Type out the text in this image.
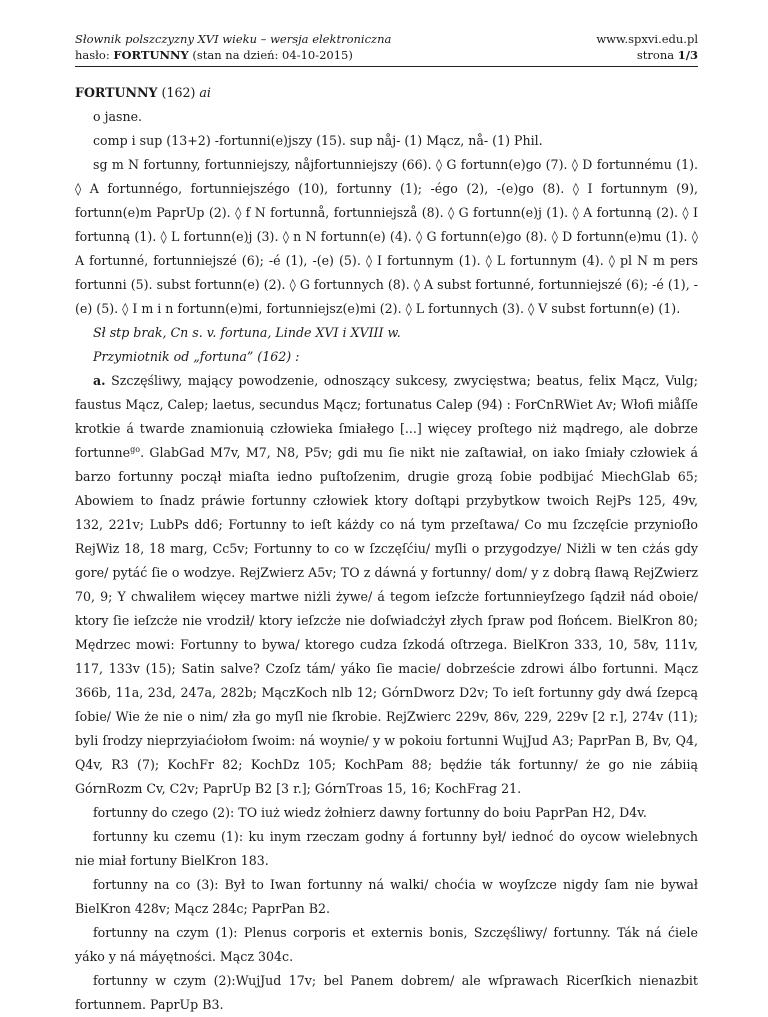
Słownik polszczyzny XVI wieku – wersja elektroniczna
hasło: FORTUNNY (stan na dzień: 04-10-2015)
www.spxvi.edu.pl
strona 1/3

FORTUNNY (162) ai

o jasne.

comp i sup (13+2) -fortunni(e)jszy (15). sup nåj- (1) Mącz, nå- (1) Phil.

sg m N fortunny, fortunniejszy, nåjfortunniejszy (66). ◊ G fortunn(e)go (7). ◊ D fortunnému (1). ◊ A fortunnégo, fortunniejszégo (10), fortunny (1); -égo (2), -(e)go (8). ◊ I fortunnym (9), fortunn(e)m PaprUp (2). ◊ f N fortunnå, fortunniejszå (8). ◊ G fortunn(e)j (1). ◊ A fortunną (2). ◊ I fortunną (1). ◊ L fortunn(e)j (3). ◊ n N fortunn(e) (4). ◊ G fortunn(e)go (8). ◊ D fortunn(e)mu (1). ◊ A fortunné, fortunniejszé (6); -é (1), -(e) (5). ◊ I fortunnym (1). ◊ L fortunnym (4). ◊ pl N m pers fortunni (5). subst fortunn(e) (2). ◊ G fortunnych (8). ◊ A subst fortunné, fortunniejszé (6); -é (1), -(e) (5). ◊ I m i n fortunn(e)mi, fortunniejsz(e)mi (2). ◊ L fortunnych (3). ◊ V subst fortunn(e) (1).

Sł stp brak, Cn s. v. fortuna, Linde XVI i XVIII w.

Przymiotnik od „fortuna” (162) :

a. Szczęśliwy, mający powodzenie, odnoszący sukcesy, zwycięstwa; beatus, felix Mącz, Vulg; faustus Mącz, Calep; laetus, secundus Mącz; fortunatus Calep (94) : ForCnRWiet Av; Włofi miåſſe krotkie á twarde znamionuią człowieka ſmiałego [...] więcey proſtego niż mądrego, ale dobrze fortunne$^{go}$. GlabGad M7v, M7, N8, P5v; gdi mu ſie nikt nie zaſtawiał, on iako ſmiały człowiek á barzo fortunny począł miaſta iedno puſtoſzenim, drugie grozą ſobie podbijać MiechGlab 65; Abowiem to ſnadz práwie fortunny człowiek ktory doſtąpi przybytkow twoich RejPs 125, 49v, 132, 221v; LubPs dd6; Fortunny to ieſt káżdy co ná tym przeſtawa/ Co mu ſzczęſcie przynioſło RejWiz 18, 18 marg, Cc5v; Fortunny to co w ſzczęſćiu/ myſli o przygodzye/ Niżli w ten cżás gdy gore/ pytáć ſie o wodzye. RejZwierz A5v; TO z dáwná y fortunny/ dom/ y z dobrą ſławą RejZwierz 70, 9; Y chwaliłem więcey martwe niżli żywe/ á tegom ieſzcże fortunnieyſzego ſądził nád oboie/ ktory ſie ieſzcże nie vrodził/ ktory ieſzcże nie doſwiadcżył złych ſpraw pod ſłońcem. BielKron 80; Mędrzec mowi: Fortunny to bywa/ ktorego cudza ſzkodá oſtrzega. BielKron 333, 10, 58v, 111v, 117, 133v (15); Satin salve? Czoſz tám/ yáko ſie macie/ dobrzeście zdrowi álbo fortunni. Mącz 366b, 11a, 23d, 247a, 282b; MączKoch nlb 12; GórnDworz D2v; To ieſt fortunny gdy dwá ſzepcą ſobie/ Wie że nie o nim/ zła go myſl nie ſkrobie. RejZwierc 229v, 86v, 229, 229v [2 r.], 274v (11); byli ſrodzy nieprzyiaćiołom ſwoim: ná woynie/ y w pokoiu fortunni WujJud A3; PaprPan B, Bv, Q4, Q4v, R3 (7); KochFr 82; KochDz 105; KochPam 88; będźie ták fortunny/ że go nie zábiią GórnRozm Cv, C2v; PaprUp B2 [3 r.]; GórnTroas 15, 16; KochFrag 21.

fortunny do czego (2): TO iuż wiedz żołnierz dawny fortunny do boiu PaprPan H2, D4v.

fortunny ku czemu (1): ku inym rzeczam godny á fortunny był/ iednoć do oycow wielebnych nie miał fortuny BielKron 183.

fortunny na co (3): Był to Iwan fortunny ná walki/ choćia w woyſzcze nigdy ſam nie bywał BielKron 428v; Mącz 284c; PaprPan B2.

fortunny na czym (1): Plenus corporis et externis bonis, Szczęśliwy/ fortunny. Ták ná ćiele yáko y ná máyętności. Mącz 304c.

fortunny w czym (2):WujJud 17v; bel Panem dobrem/ ale wſprawach Ricerſkich nienazbit fortunnem. PaprUp B3.
